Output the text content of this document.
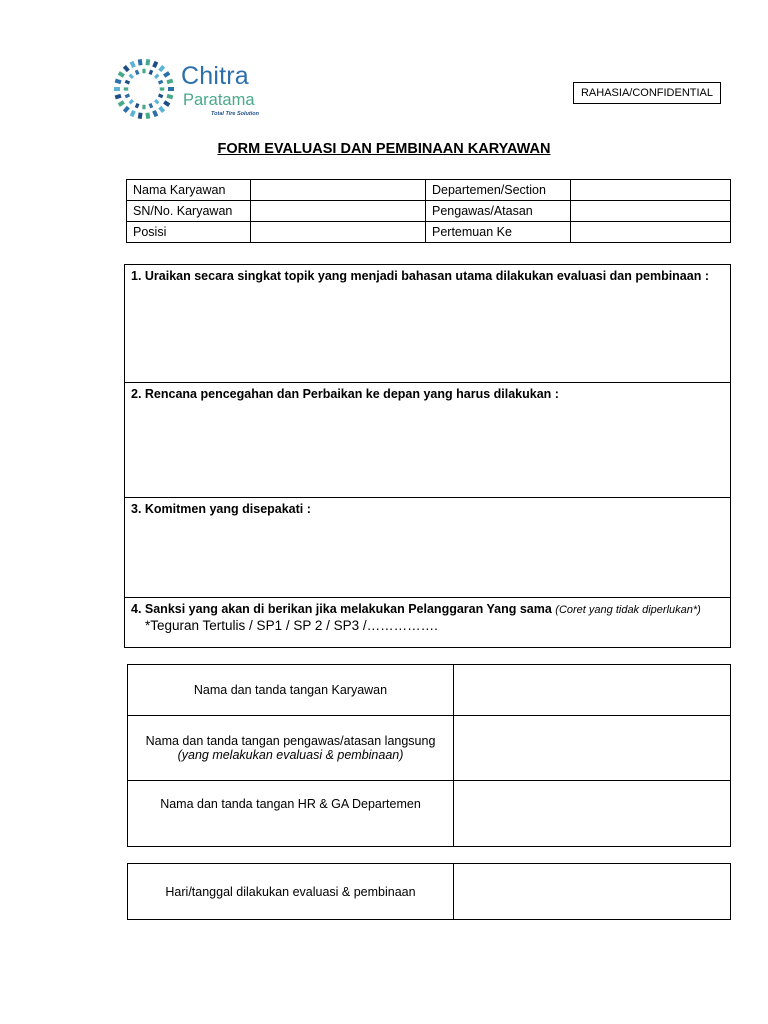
Chitra
Paratama
Total Tire Solution
RAHASIA/CONFIDENTIAL
FORM EVALUASI DAN PEMBINAAN KARYAWAN
Nama Karyawan		Departemen/Section	
SN/No. Karyawan		Pengawas/Atasan	
Posisi		Pertemuan Ke	
1. Uraikan secara singkat topik yang menjadi bahasan utama dilakukan evaluasi dan pembinaan :
2. Rencana pencegahan dan Perbaikan ke depan yang harus dilakukan :
3. Komitmen yang disepakati :
4. Sanksi yang akan di berikan jika melakukan Pelanggaran Yang sama (Coret yang tidak diperlukan*)
*Teguran Tertulis / SP1 / SP 2 / SP3 /…………….
Nama dan tanda tangan Karyawan	
Nama dan tanda tangan pengawas/atasan langsung
(yang melakukan evaluasi & pembinaan)	

Nama dan tanda tangan HR & GA Departemen	
Hari/tanggal dilakukan evaluasi & pembinaan	
